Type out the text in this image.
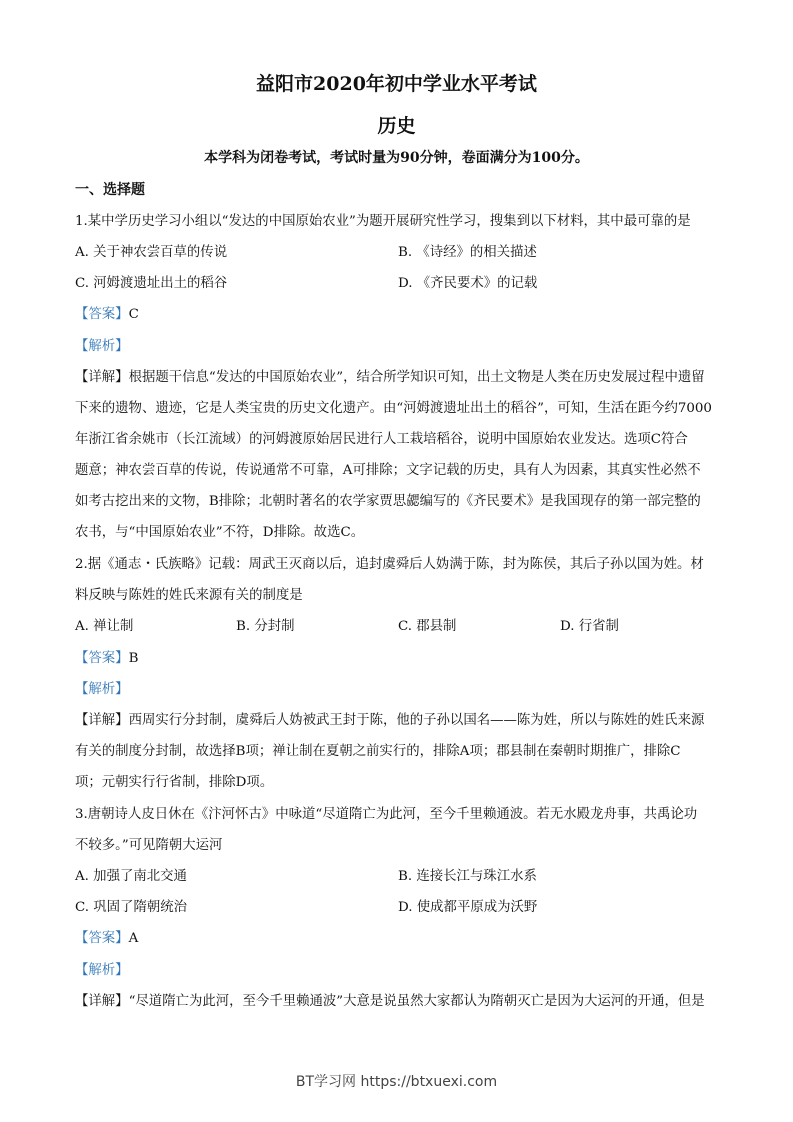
益阳市2020年初中学业水平考试
历史
本学科为闭卷考试，考试时量为90分钟，卷面满分为100分。
一、选择题
1.某中学历史学习小组以“发达的中国原始农业”为题开展研究性学习，搜集到以下材料，其中最可靠的是
A. 关于神农尝百草的传说	B. 《诗经》的相关描述
C. 河姆渡遗址出土的稻谷	D. 《齐民要术》的记载
【答案】C
【解析】
【详解】根据题干信息“发达的中国原始农业”，结合所学知识可知，出土文物是人类在历史发展过程中遗留
下来的遗物、遗迹，它是人类宝贵的历史文化遗产。由“河姆渡遗址出土的稻谷”，可知，生活在距今约7000
年浙江省余姚市（长江流域）的河姆渡原始居民进行人工栽培稻谷，说明中国原始农业发达。选项C符合
题意；神农尝百草的传说，传说通常不可靠，A可排除；文字记载的历史，具有人为因素，其真实性必然不
如考古挖出来的文物，B排除；北朝时著名的农学家贾思勰编写的《齐民要术》是我国现存的第一部完整的
农书，与“中国原始农业”不符，D排除。故选C。
2.据《通志・氏族略》记载：周武王灭商以后，追封虞舜后人妫满于陈，封为陈侯，其后子孙以国为姓。材
料反映与陈姓的姓氏来源有关的制度是
A. 禅让制	B. 分封制	C. 郡县制	D. 行省制
【答案】B
【解析】
【详解】西周实行分封制，虞舜后人妫被武王封于陈，他的子孙以国名——陈为姓，所以与陈姓的姓氏来源
有关的制度分封制，故选择B项；禅让制在夏朝之前实行的，排除A项；郡县制在秦朝时期推广，排除C
项；元朝实行行省制，排除D项。
3.唐朝诗人皮日休在《汴河怀古》中咏道“尽道隋亡为此河，至今千里赖通波。若无水殿龙舟事，共禹论功
不较多。”可见隋朝大运河
A. 加强了南北交通	B. 连接长江与珠江水系
C. 巩固了隋朝统治	D. 使成都平原成为沃野
【答案】A
【解析】
【详解】“尽道隋亡为此河，至今千里赖通波”大意是说虽然大家都认为隋朝灭亡是因为大运河的开通，但是
BT学习网 https://btxuexi.com
